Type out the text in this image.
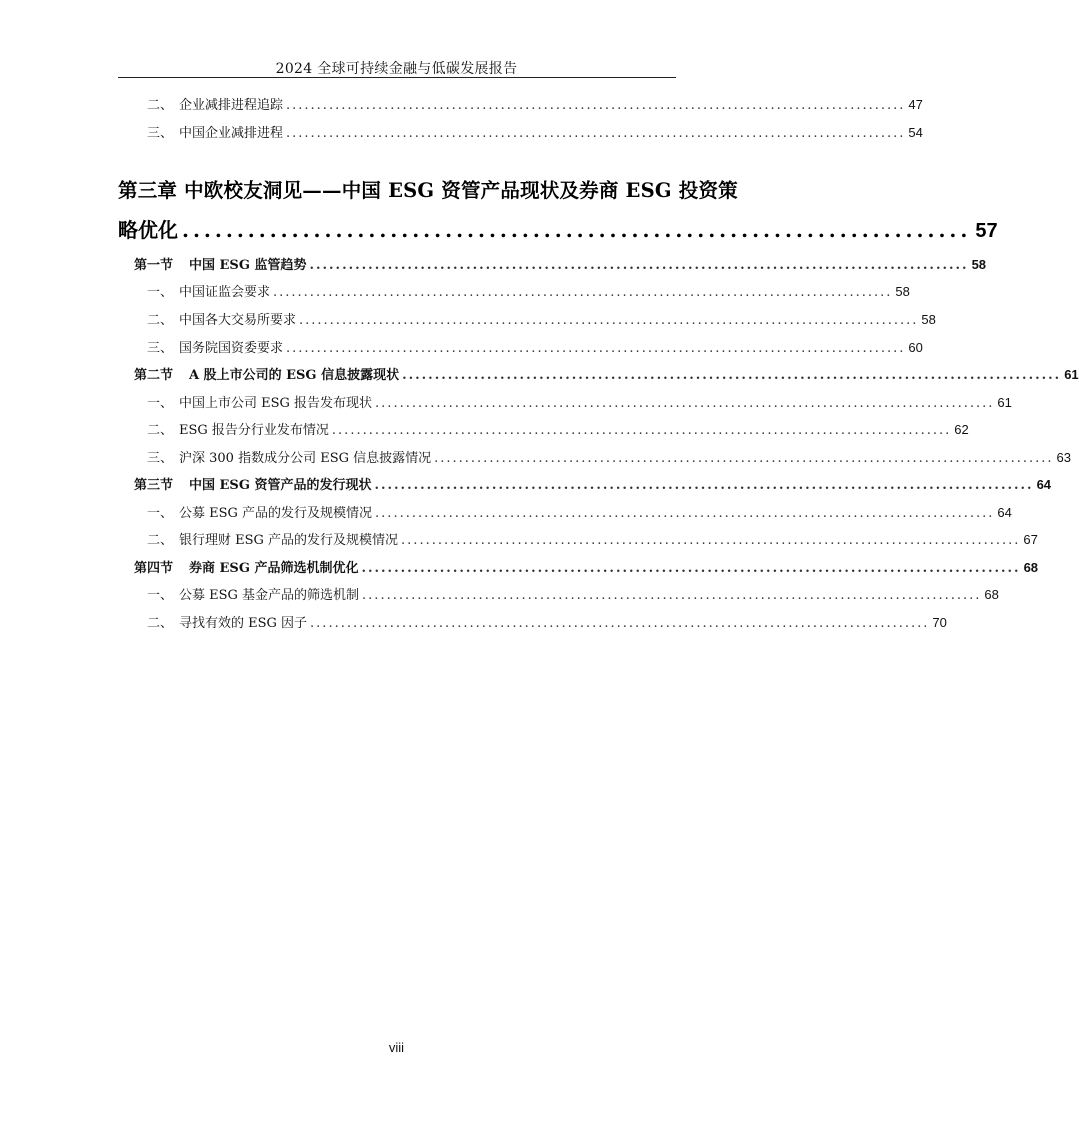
2024 全球可持续金融与低碳发展报告
二、 企业减排进程追踪 ..................................................................................................... 47
三、 中国企业减排进程 ..................................................................................................... 54
第三章 中欧校友洞见——中国 ESG 资管产品现状及券商 ESG 投资策
略优化 ........................................................................ 57
第一节 中国 ESG 监管趋势 ..................................................................................................... 58
一、 中国证监会要求 ..................................................................................................... 58
二、 中国各大交易所要求 ..................................................................................................... 58
三、 国务院国资委要求 ..................................................................................................... 60
第二节 A 股上市公司的 ESG 信息披露现状 ..................................................................................................... 61
一、 中国上市公司 ESG 报告发布现状 ..................................................................................................... 61
二、 ESG 报告分行业发布情况 ..................................................................................................... 62
三、 沪深 300 指数成分公司 ESG 信息披露情况 ..................................................................................................... 63
第三节 中国 ESG 资管产品的发行现状 ..................................................................................................... 64
一、 公募 ESG 产品的发行及规模情况 ..................................................................................................... 64
二、 银行理财 ESG 产品的发行及规模情况 ..................................................................................................... 67
第四节 券商 ESG 产品筛选机制优化 ..................................................................................................... 68
一、 公募 ESG 基金产品的筛选机制 ..................................................................................................... 68
二、 寻找有效的 ESG 因子 ..................................................................................................... 70
viii
